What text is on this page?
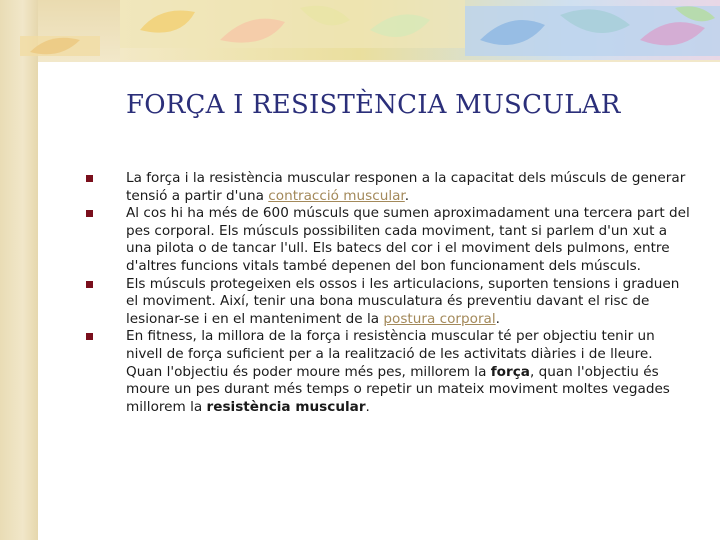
FORÇA I RESISTÈNCIA MUSCULAR
La força i la resistència muscular responen a la capacitat dels músculs de generar tensió a partir d'una contracció muscular.
Al cos hi ha més de 600 músculs que sumen aproximadament una tercera part del pes corporal. Els músculs possibiliten cada moviment, tant si parlem d'un xut a una pilota o de tancar l'ull. Els batecs del cor i el moviment dels pulmons, entre d'altres funcions vitals també depenen del bon funcionament dels músculs.
Els músculs protegeixen els ossos i les articulacions, suporten tensions i graduen el moviment. Així, tenir una bona musculatura és preventiu davant el risc de lesionar-se i en el manteniment de la postura corporal.
En fitness, la millora de la força i resistència muscular té per objectiu tenir un nivell de força suficient per a la realització de les activitats diàries i de lleure. Quan l'objectiu és poder moure més pes, millorem la força, quan l'objectiu és moure un pes durant més temps o repetir un mateix moviment moltes vegades millorem la resistència muscular.
